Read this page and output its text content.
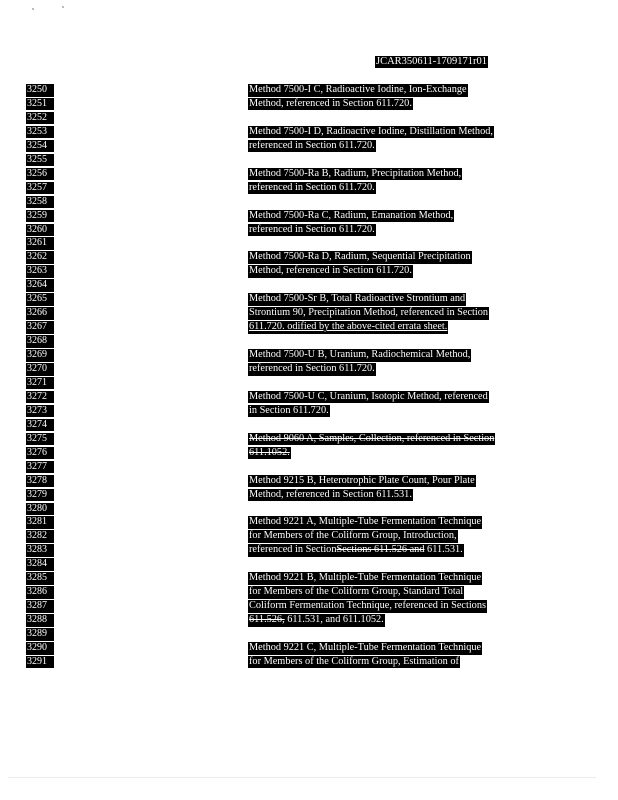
JCAR350611-1709171r01
3250
3251
3252
3253
3254
3255
3256
3257
3258
3259
3260
3261
3262
3263
3264
3265
3266
3267
3268
3269
3270
3271
3272
3273
3274
3275
3276
3277
3278
3279
3280
3281
3282
3283
3284
3285
3286
3287
3288
3289
3290
3291
Method 7500-I C, Radioactive Iodine, Ion-Exchange
Method, referenced in Section 611.720.
Method 7500-I D, Radioactive Iodine, Distillation Method,
referenced in Section 611.720.
Method 7500-Ra B, Radium, Precipitation Method,
referenced in Section 611.720.
Method 7500-Ra C, Radium, Emanation Method,
referenced in Section 611.720.
Method 7500-Ra D, Radium, Sequential Precipitation
Method, referenced in Section 611.720.
Method 7500-Sr B, Total Radioactive Strontium and
Strontium 90, Precipitation Method, referenced in Section
611.720. odified by the above-cited errata sheet.
Method 7500-U B, Uranium, Radiochemical Method,
referenced in Section 611.720.
Method 7500-U C, Uranium, Isotopic Method, referenced
in Section 611.720.
Method 9060 A, Samples, Collection, referenced in Section
611.1052.
Method 9215 B, Heterotrophic Plate Count, Pour Plate
Method, referenced in Section 611.531.
Method 9221 A, Multiple-Tube Fermentation Technique
for Members of the Coliform Group, Introduction,
referenced in SectionSections 611.526 and 611.531.
Method 9221 B, Multiple-Tube Fermentation Technique
for Members of the Coliform Group, Standard Total
Coliform Fermentation Technique, referenced in Sections
611.526, 611.531, and 611.1052.
Method 9221 C, Multiple-Tube Fermentation Technique
for Members of the Coliform Group, Estimation of
